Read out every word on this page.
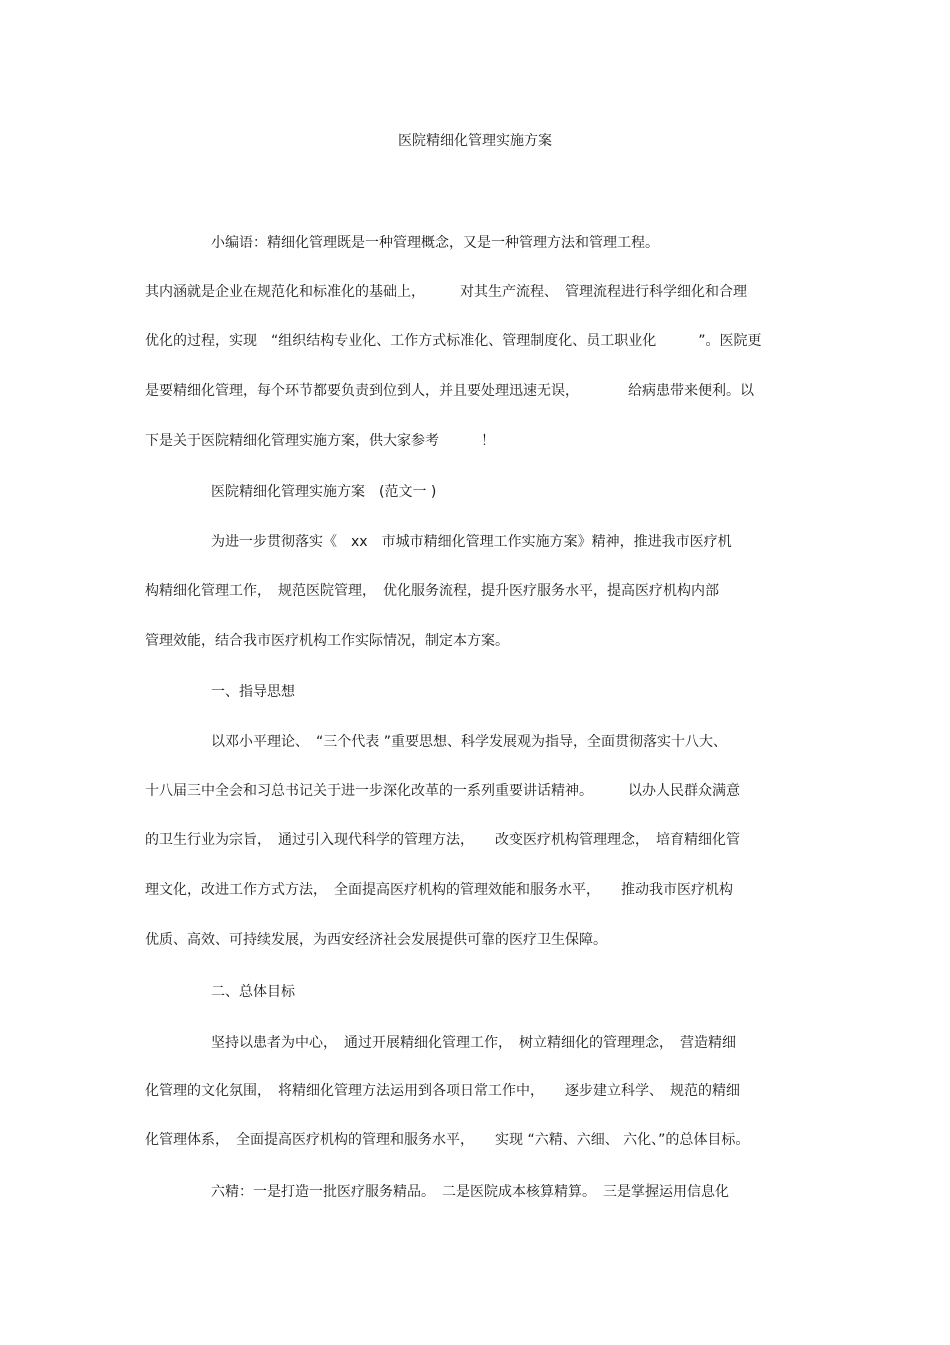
医院精细化管理实施方案
小编语：精细化管理既是一种管理概念，又是一种管理方法和管理工程。
其内涵就是企业在规范化和标准化的基础上，　　　对其生产流程、　管理流程进行科学细化和合理
优化的过程，实现　“组织结构专业化、工作方式标准化、管理制度化、员工职业化　　　”。医院更
是要精细化管理，每个环节都要负责到位到人，并且要处理迅速无误，　　　　给病患带来便利。以
下是关于医院精细化管理实施方案，供大家参考　　　！
医院精细化管理实施方案　(范文一 )
为进一步贯彻落实《　xx　市城市精细化管理工作实施方案》精神，推进我市医疗机
构精细化管理工作，　规范医院管理，　优化服务流程，提升医疗服务水平，提高医疗机构内部
管理效能，结合我市医疗机构工作实际情况，制定本方案。
一、指导思想
以邓小平理论、　“三个代表 ”重要思想、科学发展观为指导，全面贯彻落实十八大、
十八届三中全会和习总书记关于进一步深化改革的一系列重要讲话精神。　　　以办人民群众满意
的卫生行业为宗旨，　通过引入现代科学的管理方法，　　改变医疗机构管理理念，　培育精细化管
理文化，改进工作方式方法，　全面提高医疗机构的管理效能和服务水平，　　推动我市医疗机构
优质、高效、可持续发展，为西安经济社会发展提供可靠的医疗卫生保障。
二、总体目标
坚持以患者为中心，　通过开展精细化管理工作，　树立精细化的管理理念，　营造精细
化管理的文化氛围，　将精细化管理方法运用到各项日常工作中，　　逐步建立科学、　规范的精细
化管理体系，　全面提高医疗机构的管理和服务水平，　　实现 “六精、六细、 六化、”的总体目标。
六精：一是打造一批医疗服务精品。　二是医院成本核算精算。　三是掌握运用信息化
